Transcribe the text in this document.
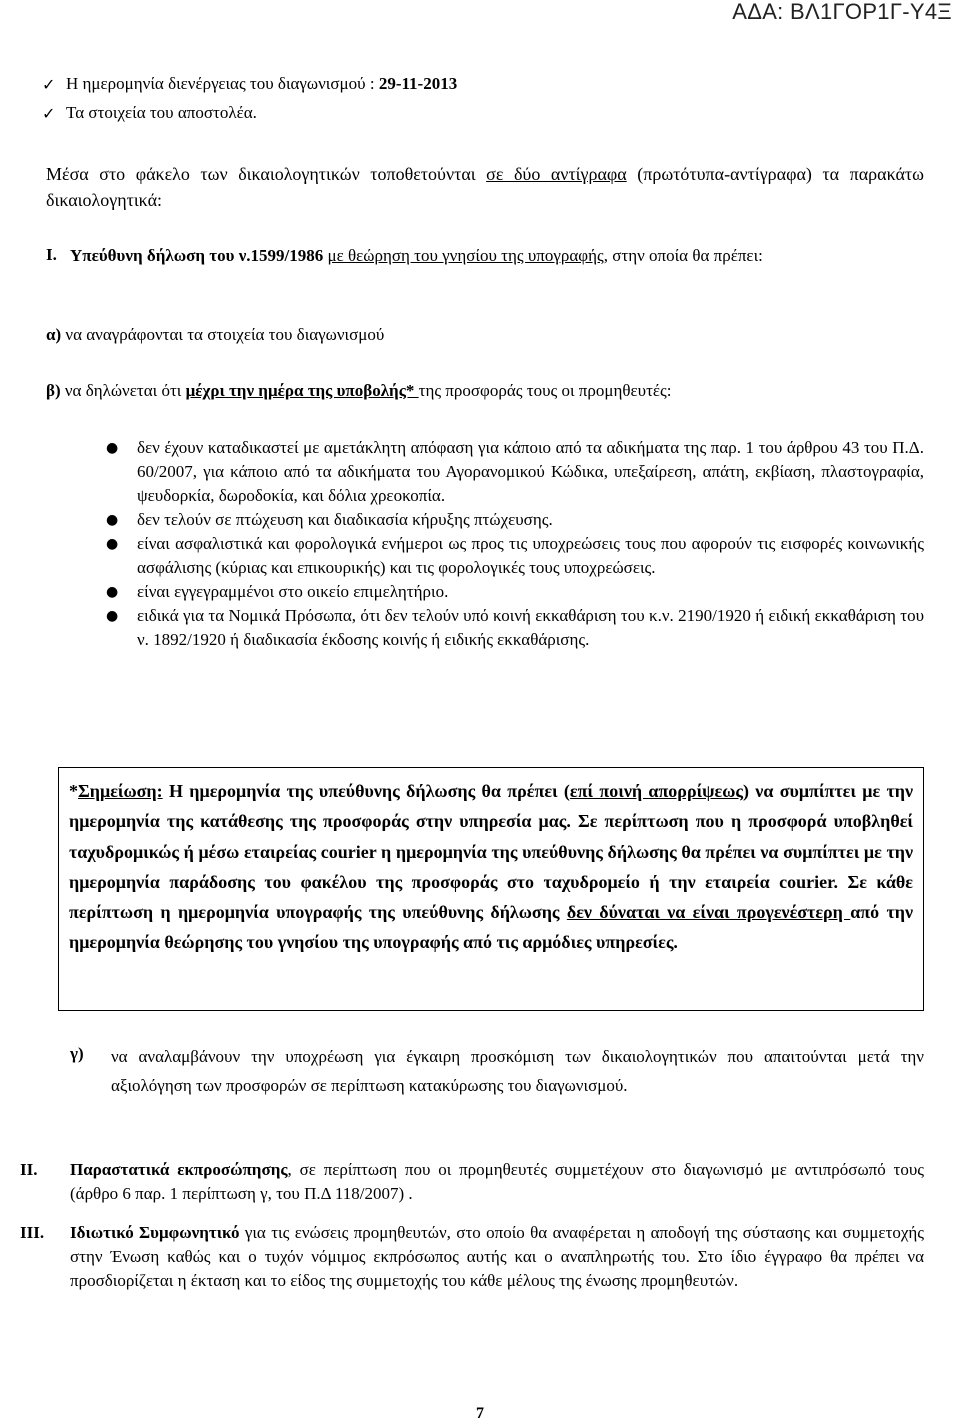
ΑΔΑ: ΒΛ1ΓΟΡ1Γ-Υ4Ξ
✓ Η ημερομηνία διενέργειας του διαγωνισμού : 29-11-2013
✓ Τα στοιχεία του αποστολέα.
Μέσα στο φάκελο των δικαιολογητικών τοποθετούνται σε δύο αντίγραφα (πρωτότυπα-αντίγραφα) τα παρακάτω δικαιολογητικά:
Ι. Υπεύθυνη δήλωση του ν.1599/1986 με θεώρηση του γνησίου της υπογραφής, στην οποία θα πρέπει:
α) να αναγράφονται τα στοιχεία του διαγωνισμού
β) να δηλώνεται ότι μέχρι την ημέρα της υποβολής* της προσφοράς τους οι προμηθευτές:
● δεν έχουν καταδικαστεί με αμετάκλητη απόφαση για κάποιο από τα αδικήματα της παρ. 1 του άρθρου 43 του Π.Δ. 60/2007, για κάποιο από τα αδικήματα του Αγορανομικού Κώδικα, υπεξαίρεση, απάτη, εκβίαση, πλαστογραφία, ψευδορκία, δωροδοκία, και δόλια χρεοκοπία.
● δεν τελούν σε πτώχευση και διαδικασία κήρυξης πτώχευσης.
● είναι ασφαλιστικά και φορολογικά ενήμεροι ως προς τις υποχρεώσεις τους που αφορούν τις εισφορές κοινωνικής ασφάλισης (κύριας και επικουρικής) και τις φορολογικές τους υποχρεώσεις.
● είναι εγγεγραμμένοι στο οικείο επιμελητήριο.
● ειδικά για τα Νομικά Πρόσωπα, ότι δεν τελούν υπό κοινή εκκαθάριση του κ.ν. 2190/1920 ή ειδική εκκαθάριση του ν. 1892/1920 ή διαδικασία έκδοσης κοινής ή ειδικής εκκαθάρισης.
*Σημείωση: Η ημερομηνία της υπεύθυνης δήλωσης θα πρέπει (επί ποινή απορρίψεως) να συμπίπτει με την ημερομηνία της κατάθεσης της προσφοράς στην υπηρεσία μας. Σε περίπτωση που η προσφορά υποβληθεί ταχυδρομικώς ή μέσω εταιρείας courier η ημερομηνία της υπεύθυνης δήλωσης θα πρέπει να συμπίπτει με την ημερομηνία παράδοσης του φακέλου της προσφοράς στο ταχυδρομείο ή την εταιρεία courier. Σε κάθε περίπτωση η ημερομηνία υπογραφής της υπεύθυνης δήλωσης δεν δύναται να είναι προγενέστερη από την ημερομηνία θεώρησης του γνησίου της υπογραφής από τις αρμόδιες υπηρεσίες.
γ) να αναλαμβάνουν την υποχρέωση για έγκαιρη προσκόμιση των δικαιολογητικών που απαιτούνται μετά την αξιολόγηση των προσφορών σε περίπτωση κατακύρωσης του διαγωνισμού.
ΙΙ. Παραστατικά εκπροσώπησης, σε περίπτωση που οι προμηθευτές συμμετέχουν στο διαγωνισμό με αντιπρόσωπό τους (άρθρο 6 παρ. 1 περίπτωση γ, του Π.Δ 118/2007) .
ΙΙΙ. Ιδιωτικό Συμφωνητικό για τις ενώσεις προμηθευτών, στο οποίο θα αναφέρεται η αποδογή της σύστασης και συμμετοχής στην Ένωση καθώς και ο τυχόν νόμιμος εκπρόσωπος αυτής και ο αναπληρωτής του. Στο ίδιο έγγραφο θα πρέπει να προσδιορίζεται η έκταση και το είδος της συμμετοχής του κάθε μέλους της ένωσης προμηθευτών.
7
